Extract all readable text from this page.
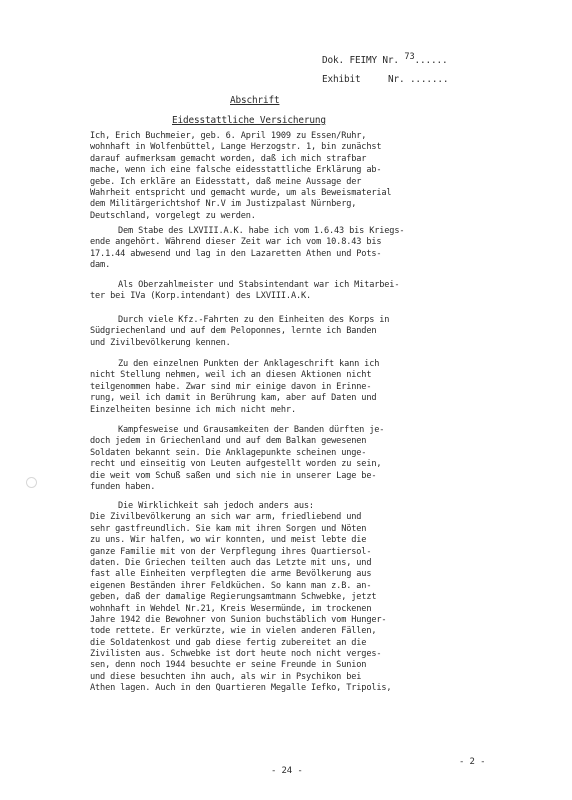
Dok. FEIMY Nr. 73......
Exhibit	Nr. .......
Abschrift
Eidesstattliche Versicherung
Ich, Erich Buchmeier, geb. 6. April 1909 zu Essen/Ruhr,
wohnhaft in Wolfenbüttel, Lange Herzogstr. 1, bin zunächst
darauf aufmerksam gemacht worden, daß ich mich strafbar
mache, wenn ich eine falsche eidesstattliche Erklärung ab-
gebe. Ich erkläre an Eidesstatt, daß meine Aussage der
Wahrheit entspricht und gemacht wurde, um als Beweismaterial
dem Militärgerichtshof Nr.V im Justizpalast Nürnberg,
Deutschland, vorgelegt zu werden.
Dem Stabe des LXVIII.A.K. habe ich vom 1.6.43 bis Kriegs-
ende angehört. Während dieser Zeit war ich vom 10.8.43 bis
17.1.44 abwesend und lag in den Lazaretten Athen und Pots-
dam.
Als Oberzahlmeister und Stabsintendant war ich Mitarbei-
ter bei IVa (Korp.intendant) des LXVIII.A.K.
Durch viele Kfz.-Fahrten zu den Einheiten des Korps in
Südgriechenland und auf dem Peloponnes, lernte ich Banden
und Zivilbevölkerung kennen.
Zu den einzelnen Punkten der Anklageschrift kann ich
nicht Stellung nehmen, weil ich an diesen Aktionen nicht
teilgenommen habe. Zwar sind mir einige davon in Erinne-
rung, weil ich damit in Berührung kam, aber auf Daten und
Einzelheiten besinne ich mich nicht mehr.
Kampfesweise und Grausamkeiten der Banden dürften je-
doch jedem in Griechenland und auf dem Balkan gewesenen
Soldaten bekannt sein. Die Anklagepunkte scheinen unge-
recht und einseitig von Leuten aufgestellt worden zu sein,
die weit vom Schuß saßen und sich nie in unserer Lage be-
funden haben.
Die Wirklichkeit sah jedoch anders aus:
Die Zivilbevölkerung an sich war arm, friedliebend und
sehr gastfreundlich. Sie kam mit ihren Sorgen und Nöten
zu uns. Wir halfen, wo wir konnten, und meist lebte die
ganze Familie mit von der Verpflegung ihres Quartiersol-
daten. Die Griechen teilten auch das Letzte mit uns, und
fast alle Einheiten verpflegten die arme Bevölkerung aus
eigenen Beständen ihrer Feldküchen. So kann man z.B. an-
geben, daß der damalige Regierungsamtmann Schwebke, jetzt
wohnhaft in Wehdel Nr.21, Kreis Wesermünde, im trockenen
Jahre 1942 die Bewohner von Sunion buchstäblich vom Hunger-
tode rettete. Er verkürzte, wie in vielen anderen Fällen,
die Soldatenkost und gab diese fertig zubereitet an die
Zivilisten aus. Schwebke ist dort heute noch nicht verges-
sen, denn noch 1944 besuchte er seine Freunde in Sunion
und diese besuchten ihn auch, als wir in Psychikon bei
Athen lagen. Auch in den Quartieren Megalle Iefko, Tripolis,
- 2 -
- 24 -
